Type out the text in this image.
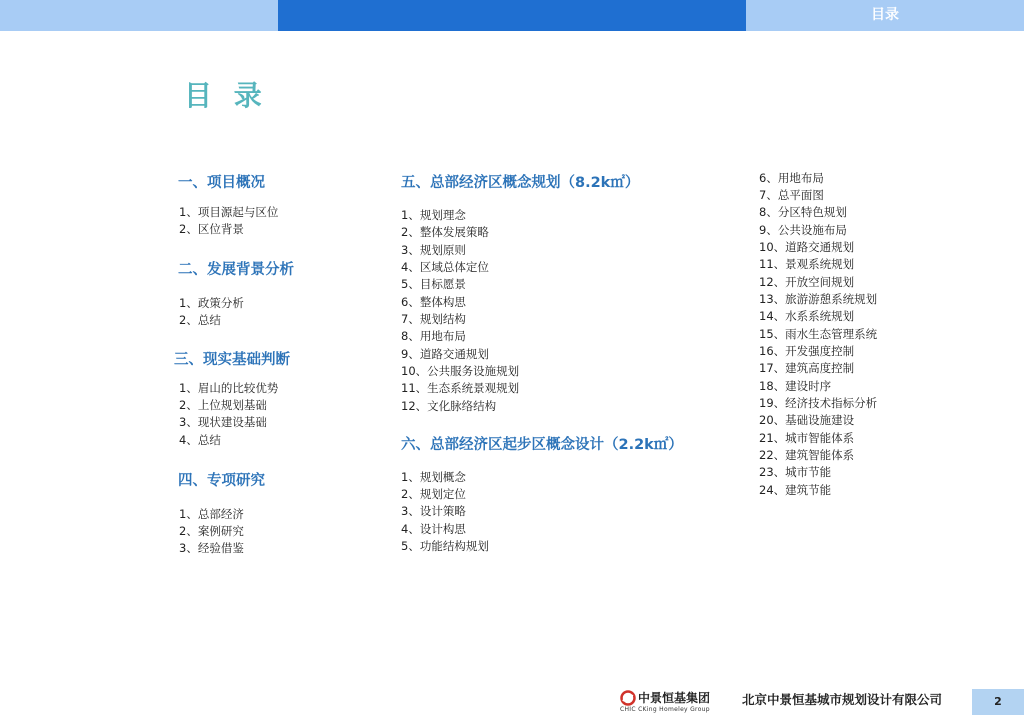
目录
目 录
一、项目概况
1、项目源起与区位
2、区位背景
二、发展背景分析
1、政策分析
2、总结
三、现实基础判断
1、眉山的比较优势
2、上位规划基础
3、现状建设基础
4、总结
四、专项研究
1、总部经济
2、案例研究
3、经验借鉴
五、总部经济区概念规划（8.2k㎡）
1、规划理念
2、整体发展策略
3、规划原则
4、区域总体定位
5、目标愿景
6、整体构思
7、规划结构
8、用地布局
9、道路交通规划
10、公共服务设施规划
11、生态系统景观规划
12、文化脉络结构
六、总部经济区起步区概念设计（2.2k㎡）
1、规划概念
2、规划定位
3、设计策略
4、设计构思
5、功能结构规划
6、用地布局
7、总平面图
8、分区特色规划
9、公共设施布局
10、道路交通规划
11、景观系统规划
12、开放空间规划
13、旅游游憩系统规划
14、水系系统规划
15、雨水生态管理系统
16、开发强度控制
17、建筑高度控制
18、建设时序
19、经济技术指标分析
20、基础设施建设
21、城市智能体系
22、建筑智能体系
23、城市节能
24、建筑节能
中景恒基集团
CHIC CKing Homeley Group
北京中景恒基城市规划设计有限公司	2
